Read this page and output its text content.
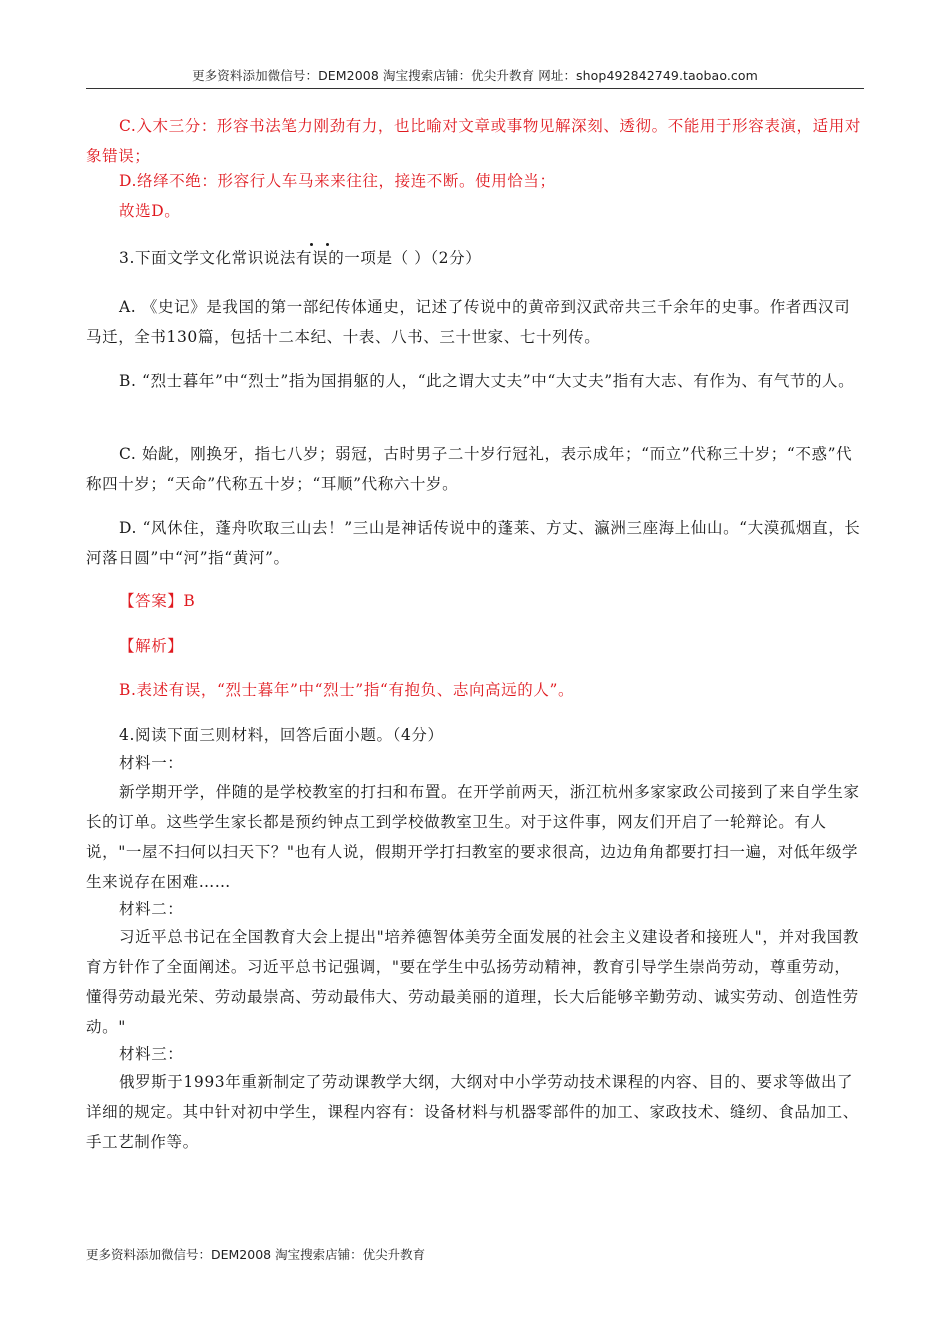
更多资料添加微信号：DEM2008 淘宝搜索店铺：优尖升教育 网址：shop492842749.taobao.com

C.入木三分：形容书法笔力刚劲有力，也比喻对文章或事物见解深刻、透彻。不能用于形容表演，适用对象错误；

D.络绎不绝：形容行人车马来来往往，接连不断。使用恰当；

故选D。

3.下面文学文化常识说法有误的一项是（ ）（2分）

A. 《史记》是我国的第一部纪传体通史，记述了传说中的黄帝到汉武帝共三千余年的史事。作者西汉司马迁，全书130篇，包括十二本纪、十表、八书、三十世家、七十列传。

B. “烈士暮年”中“烈士”指为国捐躯的人，“此之谓大丈夫”中“大丈夫”指有大志、有作为、有气节的人。

C. 始龀，刚换牙，指七八岁；弱冠，古时男子二十岁行冠礼，表示成年；“而立”代称三十岁；“不惑”代称四十岁；“天命”代称五十岁；“耳顺”代称六十岁。

D. “风休住，蓬舟吹取三山去！”三山是神话传说中的蓬莱、方丈、瀛洲三座海上仙山。“大漠孤烟直，长河落日圆”中“河”指“黄河”。

【答案】B

【解析】

B.表述有误，“烈士暮年”中“烈士”指“有抱负、志向高远的人”。

4.阅读下面三则材料，回答后面小题。（4分）

材料一：

新学期开学，伴随的是学校教室的打扫和布置。在开学前两天，浙江杭州多家家政公司接到了来自学生家长的订单。这些学生家长都是预约钟点工到学校做教室卫生。对于这件事，网友们开启了一轮辩论。有人说，"一屋不扫何以扫天下？"也有人说，假期开学打扫教室的要求很高，边边角角都要打扫一遍，对低年级学生来说存在困难……

材料二：

习近平总书记在全国教育大会上提出"培养德智体美劳全面发展的社会主义建设者和接班人"，并对我国教育方针作了全面阐述。习近平总书记强调，"要在学生中弘扬劳动精神，教育引导学生崇尚劳动，尊重劳动，懂得劳动最光荣、劳动最崇高、劳动最伟大、劳动最美丽的道理，长大后能够辛勤劳动、诚实劳动、创造性劳动。"

材料三：

俄罗斯于1993年重新制定了劳动课教学大纲，大纲对中小学劳动技术课程的内容、目的、要求等做出了详细的规定。其中针对初中学生，课程内容有：设备材料与机器零部件的加工、家政技术、缝纫、食品加工、手工艺制作等。

更多资料添加微信号：DEM2008 淘宝搜索店铺：优尖升教育
